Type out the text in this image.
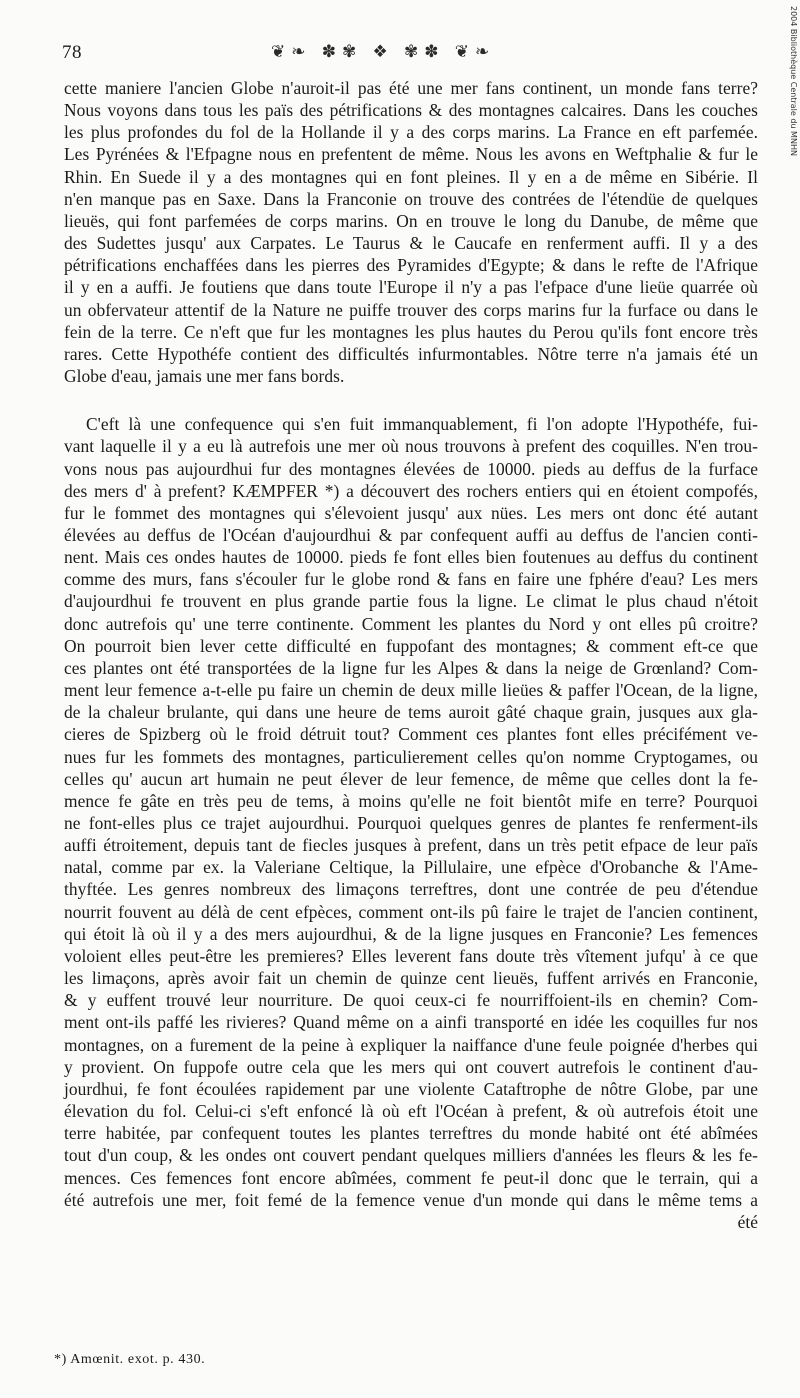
78	❦❧ ✽✾ ❖ ✾✽ ❦❧	2004 Bibliothèque Centrale du MNHN

cette maniere l'ancien Globe n'auroit-il pas été une mer fans continent, un monde fans terre?

Nous voyons dans tous les païs des pétrifications & des montagnes calcaires. Dans les couches

les plus profondes du fol de la Hollande il y a des corps marins. La France en eft parfemée.

Les Pyrénées & l'Efpagne nous en prefentent de même. Nous les avons en Weftphalie & fur le

Rhin. En Suede il y a des montagnes qui en font pleines. Il y en a de même en Sibérie. Il

n'en manque pas en Saxe. Dans la Franconie on trouve des contrées de l'étendüe de quelques

lieuës, qui font parfemées de corps marins. On en trouve le long du Danube, de même que

des Sudettes jusqu' aux Carpates. Le Taurus & le Caucafe en renferment auffi. Il y a des

pétrifications enchaffées dans les pierres des Pyramides d'Egypte; & dans le refte de l'Afrique

il y en a auffi. Je foutiens que dans toute l'Europe il n'y a pas l'efpace d'une lieüe quarrée où

un obfervateur attentif de la Nature ne puiffe trouver des corps marins fur la furface ou dans le

fein de la terre. Ce n'eft que fur les montagnes les plus hautes du Perou qu'ils font encore très

rares. Cette Hypothéfe contient des difficultés infurmontables. Nôtre terre n'a jamais été un

Globe d'eau, jamais une mer fans bords.

C'eft là une confequence qui s'en fuit immanquablement, fi l'on adopte l'Hypothéfe, fui-

vant laquelle il y a eu là autrefois une mer où nous trouvons à prefent des coquilles. N'en trou-

vons nous pas aujourdhui fur des montagnes élevées de 10000. pieds au deffus de la furface

des mers d' à prefent? KÆMPFER *) a découvert des rochers entiers qui en étoient compofés,

fur le fommet des montagnes qui s'élevoient jusqu' aux nües. Les mers ont donc été autant

élevées au deffus de l'Océan d'aujourdhui & par confequent auffi au deffus de l'ancien conti-

nent. Mais ces ondes hautes de 10000. pieds fe font elles bien foutenues au deffus du continent

comme des murs, fans s'écouler fur le globe rond & fans en faire une fphére d'eau? Les mers

d'aujourdhui fe trouvent en plus grande partie fous la ligne. Le climat le plus chaud n'étoit

donc autrefois qu' une terre continente. Comment les plantes du Nord y ont elles pû croitre?

On pourroit bien lever cette difficulté en fuppofant des montagnes; & comment eft-ce que

ces plantes ont été transportées de la ligne fur les Alpes & dans la neige de Grœnland? Com-

ment leur femence a-t-elle pu faire un chemin de deux mille lieües & paffer l'Ocean, de la ligne,

de la chaleur brulante, qui dans une heure de tems auroit gâté chaque grain, jusques aux gla-

cieres de Spizberg où le froid détruit tout? Comment ces plantes font elles précifément ve-

nues fur les fommets des montagnes, particulierement celles qu'on nomme Cryptogames, ou

celles qu' aucun art humain ne peut élever de leur femence, de même que celles dont la fe-

mence fe gâte en très peu de tems, à moins qu'elle ne foit bientôt mife en terre? Pourquoi

ne font-elles plus ce trajet aujourdhui. Pourquoi quelques genres de plantes fe renferment-ils

auffi étroitement, depuis tant de fiecles jusques à prefent, dans un très petit efpace de leur païs

natal, comme par ex. la Valeriane Celtique, la Pillulaire, une efpèce d'Orobanche & l'Ame-

thyftée. Les genres nombreux des limaçons terreftres, dont une contrée de peu d'étendue

nourrit fouvent au délà de cent efpèces, comment ont-ils pû faire le trajet de l'ancien continent,

qui étoit là où il y a des mers aujourdhui, & de la ligne jusques en Franconie? Les femences

voloient elles peut-être les premieres? Elles leverent fans doute très vîtement jufqu' à ce que

les limaçons, après avoir fait un chemin de quinze cent lieuës, fuffent arrivés en Franconie,

& y euffent trouvé leur nourriture. De quoi ceux-ci fe nourriffoient-ils en chemin? Com-

ment ont-ils paffé les rivieres? Quand même on a ainfi transporté en idée les coquilles fur nos

montagnes, on a furement de la peine à expliquer la naiffance d'une feule poignée d'herbes qui

y provient. On fuppofe outre cela que les mers qui ont couvert autrefois le continent d'au-

jourdhui, fe font écoulées rapidement par une violente Cataftrophe de nôtre Globe, par une

élevation du fol. Celui-ci s'eft enfoncé là où eft l'Océan à prefent, & où autrefois étoit une

terre habitée, par confequent toutes les plantes terreftres du monde habité ont été abîmées

tout d'un coup, & les ondes ont couvert pendant quelques milliers d'années les fleurs & les fe-

mences. Ces femences font encore abîmées, comment fe peut-il donc que le terrain, qui a

été autrefois une mer, foit femé de la femence venue d'un monde qui dans le même tems a

été

*) Amœnit. exot. p. 430.
